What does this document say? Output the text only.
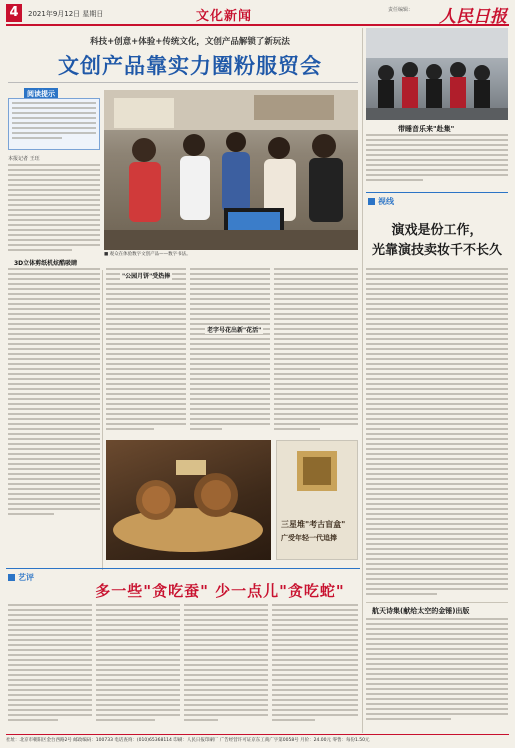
4	2021年9月12日 星期日	文化新闻	责任编辑：	人民日报
科技+创意+体验+传统文化，文创产品解锁了新玩法
文创产品靠实力圈粉服贸会
阅读提示
本报记者 王珏
3D立体剪纸机炫酷吸睛
■ 观众在体验数字文创产品——数字书法。
"公园月饼"受热捧
老字号花出新"花活"
三星堆"考古盲盒"
广受年轻一代追捧
带睡音乐来"赴集"
视线
演戏是份工作，
光靠演技卖妆千不长久
航天诗集(献给太空的金锤)出版
艺评
多一些"贪吃蚕" 少一点儿"贪吃蛇"
社址：北京市朝阳区金台西路2号 邮政编码：100733 电话查询：(010)65368114 印刷：人民日报印刷厂 广告经营许可证京东工商广字第0058号 月价：24.00元 零售：每份1.50元
